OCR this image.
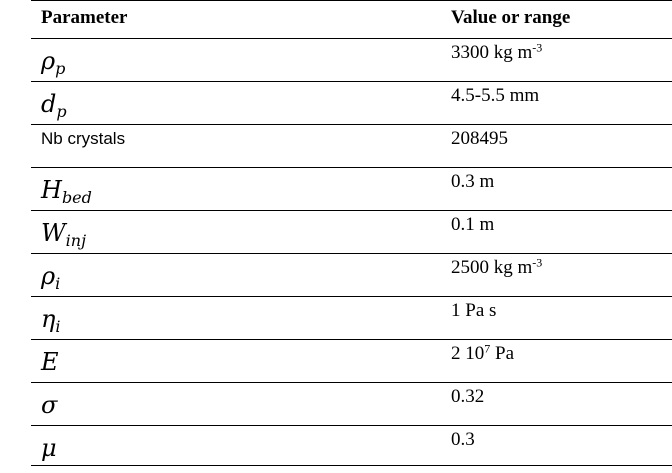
Parameter	Value or range
$\rho_p$	3300 kg $m^{-3}$
$d_p$	4.5-5.5 mm
Nb crystals	208495
$H_{bed}$	0.3 m
$W_{inj}$	0.1 m
$\rho_i$	2500 kg $m^{-3}$
$\eta_i$	1 Pa s
E	2 $10^7$ Pa
σ	0.32
μ	0.3
